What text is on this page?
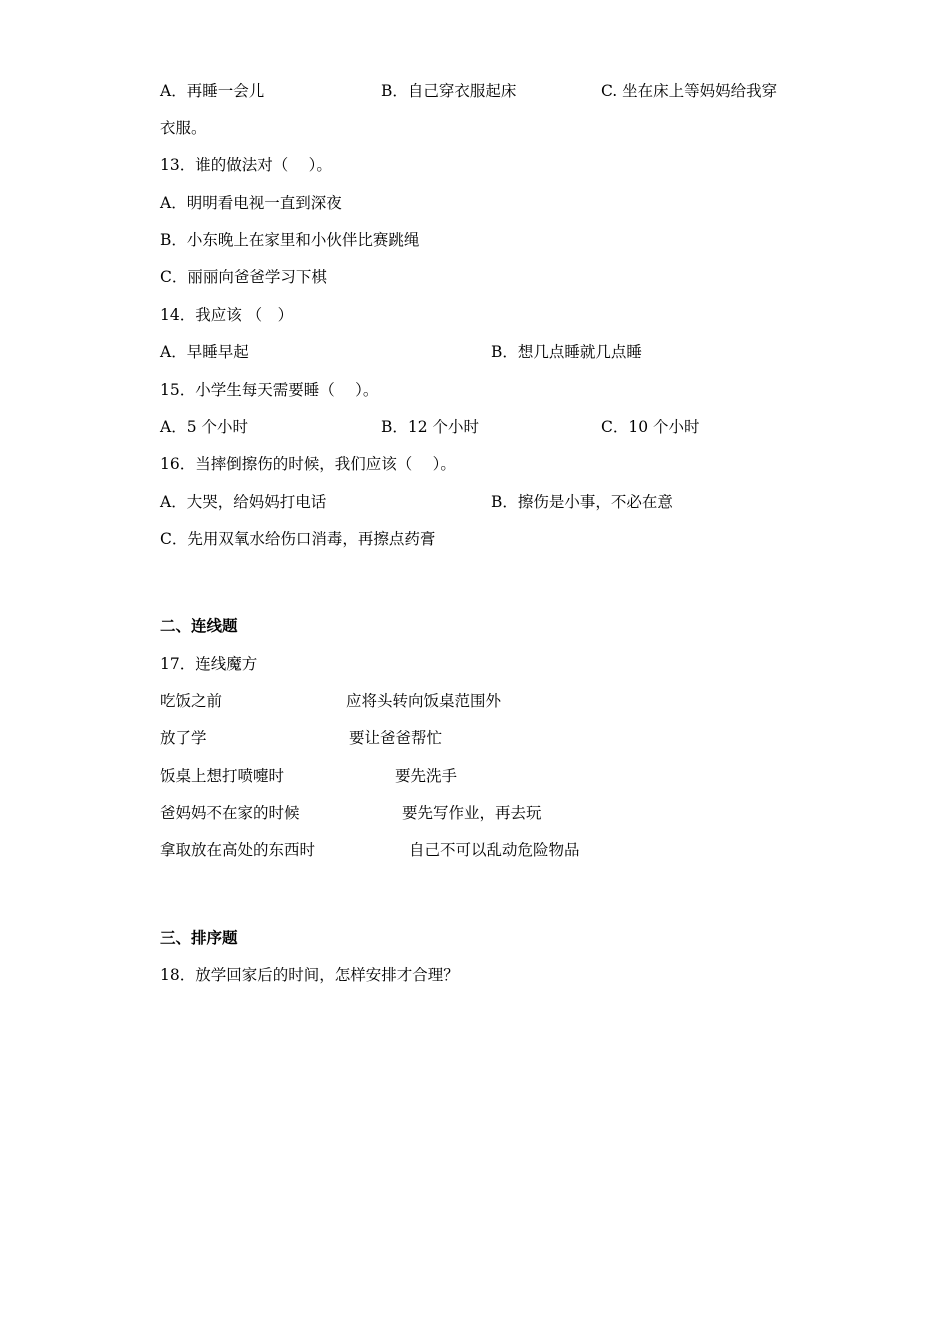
A．再睡一会儿	B．自己穿衣服起床	C. 坐在床上等妈妈给我穿
衣服。
13．谁的做法对（　 ）。
A．明明看电视一直到深夜
B．小东晚上在家里和小伙伴比赛跳绳
C．丽丽向爸爸学习下棋
14．我应该 （　）
A．早睡早起	B．想几点睡就几点睡
15．小学生每天需要睡（　 ）。
A．5 个小时	B．12 个小时	C．10 个小时
16．当摔倒擦伤的时候，我们应该（　 ）。
A．大哭，给妈妈打电话	B．擦伤是小事，不必在意
C．先用双氧水给伤口消毒，再擦点药膏
二、连线题
17．连线魔方
吃饭之前	应将头转向饭桌范围外
放了学	要让爸爸帮忙
饭桌上想打喷嚏时	要先洗手
爸妈妈不在家的时候	要先写作业，再去玩
拿取放在高处的东西时	自己不可以乱动危险物品
三、排序题
18．放学回家后的时间，怎样安排才合理？
